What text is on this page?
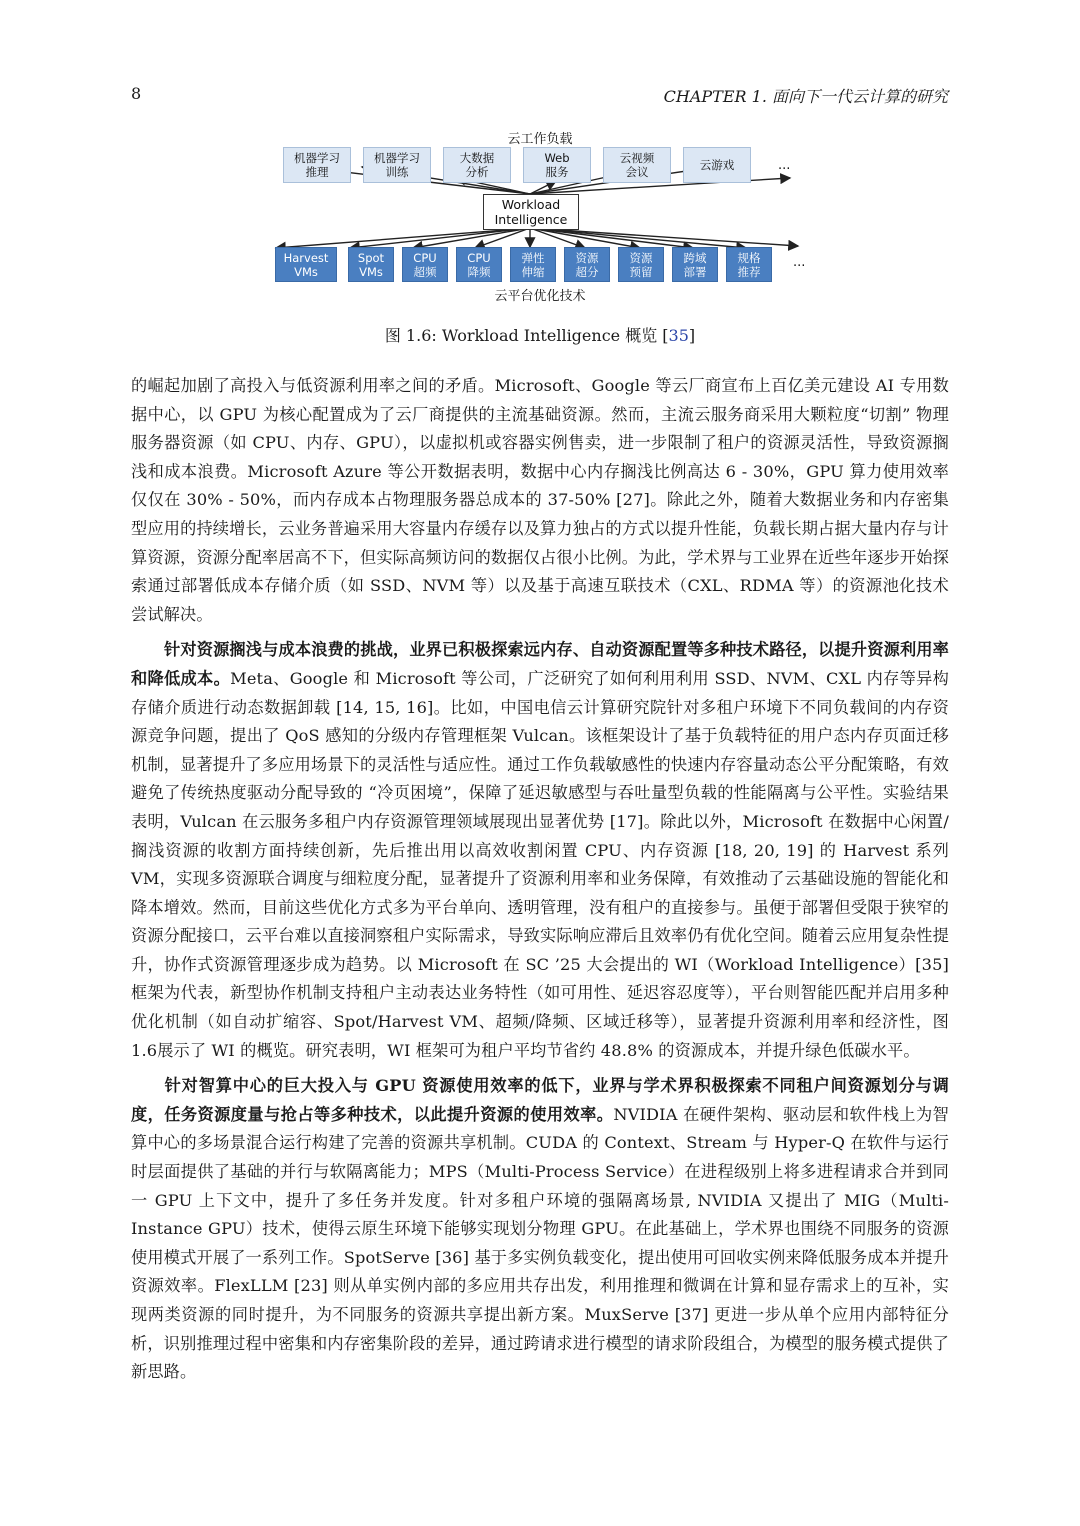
8	CHAPTER 1. 面向下一代云计算的研究
云工作负载
机器学习
推理
机器学习
训练
大数据
分析
Web
服务
云视频
会议	云游戏	...
Workload
Intelligence
Harvest
VMs
Spot
VMs
CPU
超频
CPU
降频
弹性
伸缩
资源
超分
资源
预留
跨域
部署
规格
推荐
...
云平台优化技术
图 1.6: Workload Intelligence 概览 [35]

的崛起加剧了高投入与低资源利用率之间的矛盾。Microsoft、Google 等云厂商宣布上百亿美元建设 AI 专用数据中心，以 GPU 为核心配置成为了云厂商提供的主流基础资源。然而，主流云服务商采用大颗粒度“切割” 物理服务器资源（如 CPU、内存、GPU），以虚拟机或容器实例售卖，进一步限制了租户的资源灵活性，导致资源搁浅和成本浪费。Microsoft Azure 等公开数据表明，数据中心内存搁浅比例高达 6 - 30%，GPU 算力使用效率仅仅在 30% - 50%，而内存成本占物理服务器总成本的 37-50% [27]。除此之外，随着大数据业务和内存密集型应用的持续增长，云业务普遍采用大容量内存缓存以及算力独占的方式以提升性能，负载长期占据大量内存与计算资源，资源分配率居高不下，但实际高频访问的数据仅占很小比例。为此，学术界与工业界在近些年逐步开始探索通过部署低成本存储介质（如 SSD、NVM 等）以及基于高速互联技术（CXL、RDMA 等）的资源池化技术尝试解决。

针对资源搁浅与成本浪费的挑战，业界已积极探索远内存、自动资源配置等多种技术路径，以提升资源利用率和降低成本。Meta、Google 和 Microsoft 等公司，广泛研究了如何利用利用 SSD、NVM、CXL 内存等异构存储介质进行动态数据卸载 [14, 15, 16]。比如，中国电信云计算研究院针对多租户环境下不同负载间的内存资源竞争问题，提出了 QoS 感知的分级内存管理框架 Vulcan。该框架设计了基于负载特征的用户态内存页面迁移机制，显著提升了多应用场景下的灵活性与适应性。通过工作负载敏感性的快速内存容量动态公平分配策略，有效避免了传统热度驱动分配导致的 “冷页困境”，保障了延迟敏感型与吞吐量型负载的性能隔离与公平性。实验结果表明，Vulcan 在云服务多租户内存资源管理领域展现出显著优势 [17]。除此以外，Microsoft 在数据中心闲置/搁浅资源的收割方面持续创新，先后推出用以高效收割闲置 CPU、内存资源 [18, 20, 19] 的 Harvest 系列 VM，实现多资源联合调度与细粒度分配，显著提升了资源利用率和业务保障，有效推动了云基础设施的智能化和降本增效。然而，目前这些优化方式多为平台单向、透明管理，没有租户的直接参与。虽便于部署但受限于狭窄的资源分配接口，云平台难以直接洞察租户实际需求，导致实际响应滞后且效率仍有优化空间。随着云应用复杂性提升，协作式资源管理逐步成为趋势。以 Microsoft 在 SC ’25 大会提出的 WI（Workload Intelligence）[35] 框架为代表，新型协作机制支持租户主动表达业务特性（如可用性、延迟容忍度等），平台则智能匹配并启用多种优化机制（如自动扩缩容、Spot/Harvest VM、超频/降频、区域迁移等），显著提升资源利用率和经济性，图 1.6展示了 WI 的概览。研究表明，WI 框架可为租户平均节省约 48.8% 的资源成本，并提升绿色低碳水平。

针对智算中心的巨大投入与 GPU 资源使用效率的低下，业界与学术界积极探索不同租户间资源划分与调度，任务资源度量与抢占等多种技术，以此提升资源的使用效率。NVIDIA 在硬件架构、驱动层和软件栈上为智算中心的多场景混合运行构建了完善的资源共享机制。CUDA 的 Context、Stream 与 Hyper-Q 在软件与运行时层面提供了基础的并行与软隔离能力；MPS（Multi-Process Service）在进程级别上将多进程请求合并到同一 GPU 上下文中，提升了多任务并发度。针对多租户环境的强隔离场景, NVIDIA 又提出了 MIG（Multi-Instance GPU）技术，使得云原生环境下能够实现划分物理 GPU。在此基础上，学术界也围绕不同服务的资源使用模式开展了一系列工作。SpotServe [36] 基于多实例负载变化，提出使用可回收实例来降低服务成本并提升资源效率。FlexLLM [23] 则从单实例内部的多应用共存出发，利用推理和微调在计算和显存需求上的互补，实现两类资源的同时提升，为不同服务的资源共享提出新方案。MuxServe [37] 更进一步从单个应用内部特征分析，识别推理过程中密集和内存密集阶段的差异，通过跨请求进行模型的请求阶段组合，为模型的服务模式提供了新思路。
